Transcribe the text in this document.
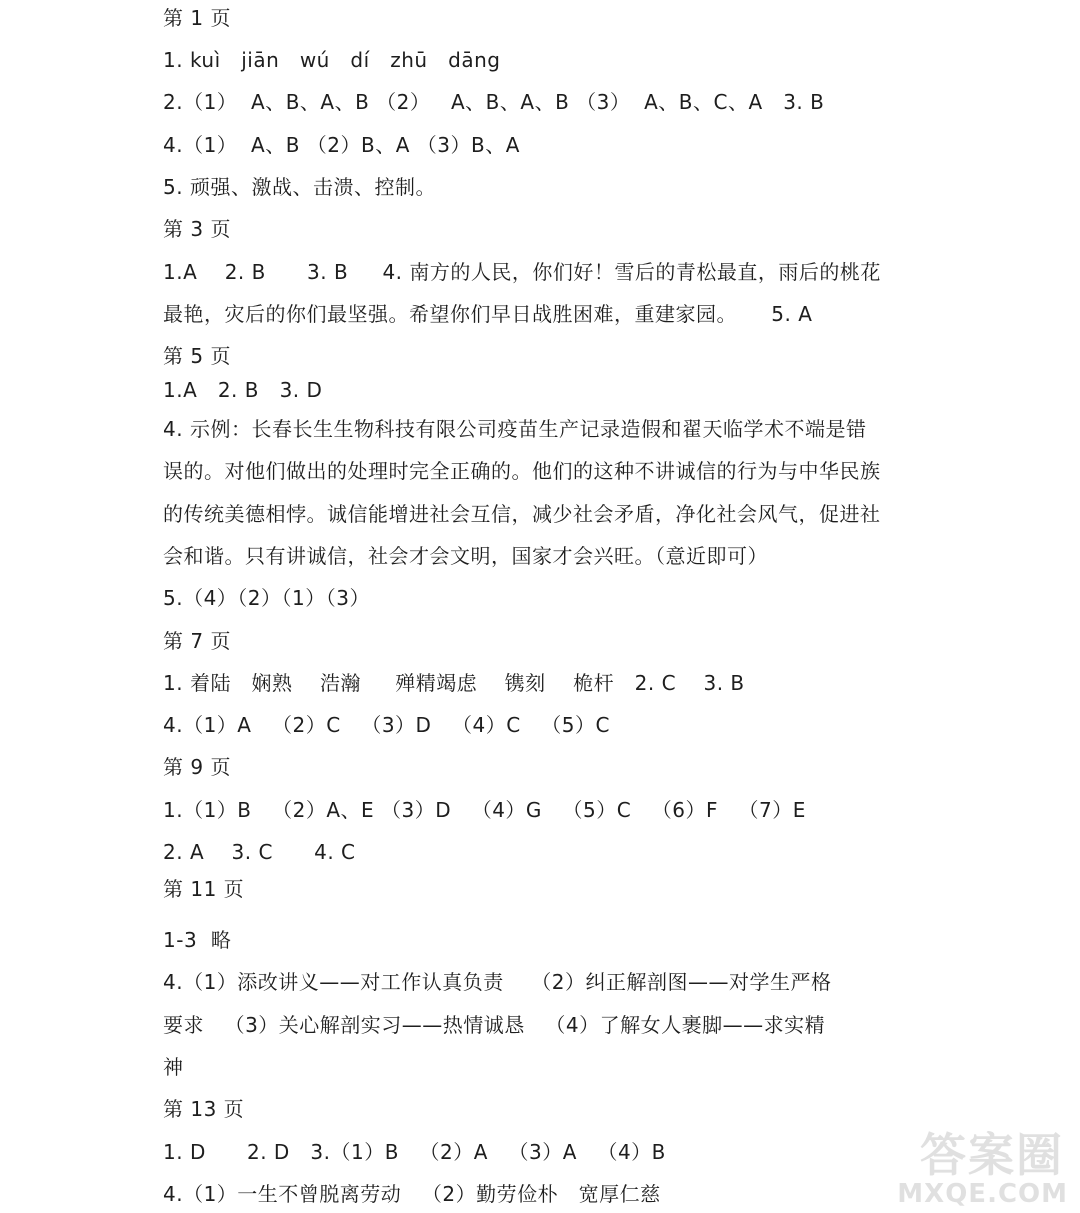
第 1 页
1. kuì   jiān   wú   dí   zhū   dāng
2.（1）  A、B、A、B （2）   A、B、A、B （3）  A、B、C、A   3. B
4.（1）  A、B （2）B、A （3）B、A
5. 顽强、激战、击溃、控制。
第 3 页
1.A    2. B      3. B     4. 南方的人民，你们好！雪后的青松最直，雨后的桃花
最艳，灾后的你们最坚强。希望你们早日战胜困难，重建家园。     5. A
第 5 页
1.A   2. B   3. D
4. 示例：长春长生生物科技有限公司疫苗生产记录造假和翟天临学术不端是错
误的。对他们做出的处理时完全正确的。他们的这种不讲诚信的行为与中华民族
的传统美德相悖。诚信能增进社会互信，减少社会矛盾，净化社会风气，促进社
会和谐。只有讲诚信，社会才会文明，国家才会兴旺。（意近即可）
5.（4）（2）（1）（3）
第 7 页
1. 着陆   娴熟    浩瀚     殚精竭虑    镌刻    桅杆   2. C    3. B
4.（1）A   （2）C   （3）D   （4）C   （5）C
第 9 页
1.（1）B   （2）A、E （3）D   （4）G   （5）C   （6）F   （7）E
2. A    3. C      4. C
第 11 页
1-3  略
4.（1）添改讲义——对工作认真负责    （2）纠正解剖图——对学生严格
要求   （3）关心解剖实习——热情诚恳   （4）了解女人裹脚——求实精
神
第 13 页
1. D      2. D   3.（1）B   （2）A   （3）A   （4）B
4.（1）一生不曾脱离劳动   （2）勤劳俭朴   宽厚仁慈
答案圈
MXQE.COM
